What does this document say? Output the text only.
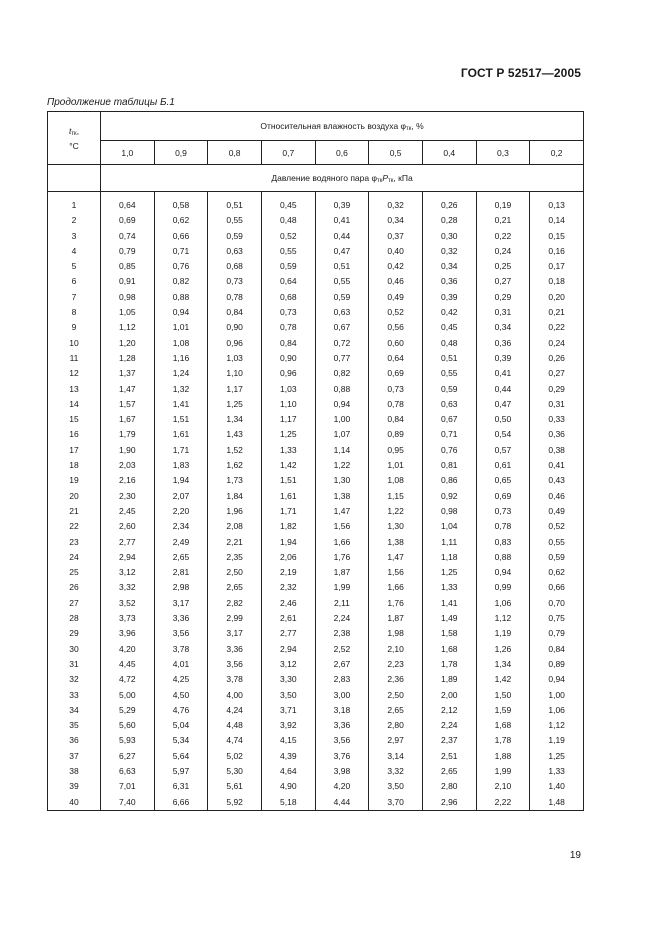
ГОСТ Р 52517—2005
Продолжение таблицы Б.1
$t_{тк}$,
°C	Относительная влажность воздуха $\varphi_{тк}$, %								
	1,0	0,9	0,8	0,7	0,6	0,5	0,4	0,3	0,2
	Давление водяного пара $\varphi_{тк}P_{тк}$, кПа								

1	0,64	0,58	0,51	0,45	0,39	0,32	0,26	0,19	0,13
2	0,69	0,62	0,55	0,48	0,41	0,34	0,28	0,21	0,14
3	0,74	0,66	0,59	0,52	0,44	0,37	0,30	0,22	0,15
4	0,79	0,71	0,63	0,55	0,47	0,40	0,32	0,24	0,16
5	0,85	0,76	0,68	0,59	0,51	0,42	0,34	0,25	0,17
6	0,91	0,82	0,73	0,64	0,55	0,46	0,36	0,27	0,18
7	0,98	0,88	0,78	0,68	0,59	0,49	0,39	0,29	0,20
8	1,05	0,94	0,84	0,73	0,63	0,52	0,42	0,31	0,21
9	1,12	1,01	0,90	0,78	0,67	0,56	0,45	0,34	0,22
10	1,20	1,08	0,96	0,84	0,72	0,60	0,48	0,36	0,24
11	1,28	1,16	1,03	0,90	0,77	0,64	0,51	0,39	0,26
12	1,37	1,24	1,10	0,96	0,82	0,69	0,55	0,41	0,27
13	1,47	1,32	1,17	1,03	0,88	0,73	0,59	0,44	0,29
14	1,57	1,41	1,25	1,10	0,94	0,78	0,63	0,47	0,31
15	1,67	1,51	1,34	1,17	1,00	0,84	0,67	0,50	0,33
16	1,79	1,61	1,43	1,25	1,07	0,89	0,71	0,54	0,36
17	1,90	1,71	1,52	1,33	1,14	0,95	0,76	0,57	0,38
18	2,03	1,83	1,62	1,42	1,22	1,01	0,81	0,61	0,41
19	2,16	1,94	1,73	1,51	1,30	1,08	0,86	0,65	0,43
20	2,30	2,07	1,84	1,61	1,38	1,15	0,92	0,69	0,46
21	2,45	2,20	1,96	1,71	1,47	1,22	0,98	0,73	0,49
22	2,60	2,34	2,08	1,82	1,56	1,30	1,04	0,78	0,52
23	2,77	2,49	2,21	1,94	1,66	1,38	1,11	0,83	0,55
24	2,94	2,65	2,35	2,06	1,76	1,47	1,18	0,88	0,59
25	3,12	2,81	2,50	2,19	1,87	1,56	1,25	0,94	0,62
26	3,32	2,98	2,65	2,32	1,99	1,66	1,33	0,99	0,66
27	3,52	3,17	2,82	2,46	2,11	1,76	1,41	1,06	0,70
28	3,73	3,36	2,99	2,61	2,24	1,87	1,49	1,12	0,75
29	3,96	3,56	3,17	2,77	2,38	1,98	1,58	1,19	0,79
30	4,20	3,78	3,36	2,94	2,52	2,10	1,68	1,26	0,84
31	4,45	4,01	3,56	3,12	2,67	2,23	1,78	1,34	0,89
32	4,72	4,25	3,78	3,30	2,83	2,36	1,89	1,42	0,94
33	5,00	4,50	4,00	3,50	3,00	2,50	2,00	1,50	1,00
34	5,29	4,76	4,24	3,71	3,18	2,65	2,12	1,59	1,06
35	5,60	5,04	4,48	3,92	3,36	2,80	2,24	1,68	1,12
36	5,93	5,34	4,74	4,15	3,56	2,97	2,37	1,78	1,19
37	6,27	5,64	5,02	4,39	3,76	3,14	2,51	1,88	1,25
38	6,63	5,97	5,30	4,64	3,98	3,32	2,65	1,99	1,33
39	7,01	6,31	5,61	4,90	4,20	3,50	2,80	2,10	1,40
40	7,40	6,66	5,92	5,18	4,44	3,70	2,96	2,22	1,48
19
